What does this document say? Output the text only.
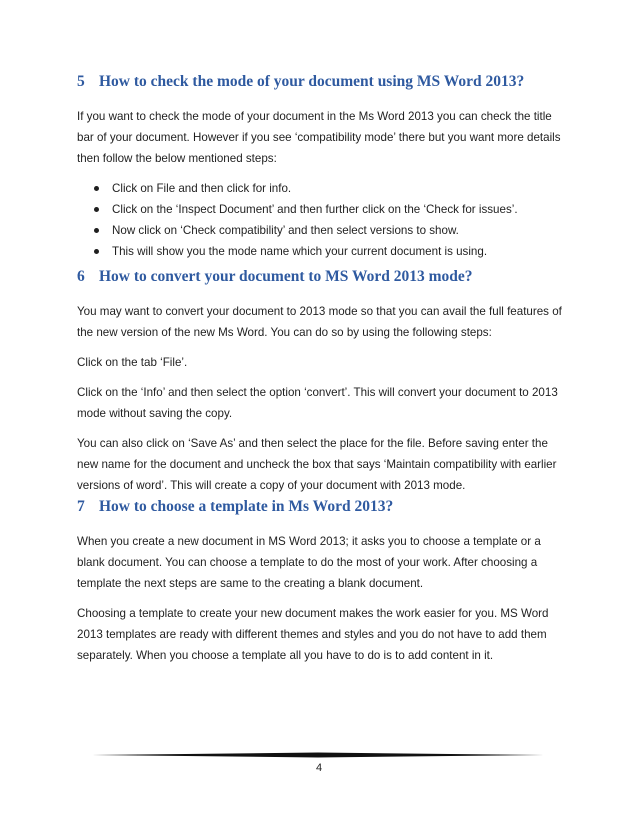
5 How to check the mode of your document using MS Word 2013?

If you want to check the mode of your document in the Ms Word 2013 you can check the title bar of your document. However if you see ‘compatibility mode’ there but you want more details then follow the below mentioned steps:

Click on File and then click for info.
Click on the ‘Inspect Document’ and then further click on the ‘Check for issues’.
Now click on ‘Check compatibility’ and then select versions to show.
This will show you the mode name which your current document is using.
6 How to convert your document to MS Word 2013 mode?

You may want to convert your document to 2013 mode so that you can avail the full features of the new version of the new Ms Word. You can do so by using the following steps:

Click on the tab ‘File’.

Click on the ‘Info’ and then select the option ‘convert’. This will convert your document to 2013 mode without saving the copy.

You can also click on ‘Save As’ and then select the place for the file. Before saving enter the new name for the document and uncheck the box that says ‘Maintain compatibility with earlier versions of word’. This will create a copy of your document with 2013 mode.

7 How to choose a template in Ms Word 2013?

When you create a new document in MS Word 2013; it asks you to choose a template or a blank document. You can choose a template to do the most of your work. After choosing a template the next steps are same to the creating a blank document.

Choosing a template to create your new document makes the work easier for you. MS Word 2013 templates are ready with different themes and styles and you do not have to add them separately. When you choose a template all you have to do is to add content in it.

4
